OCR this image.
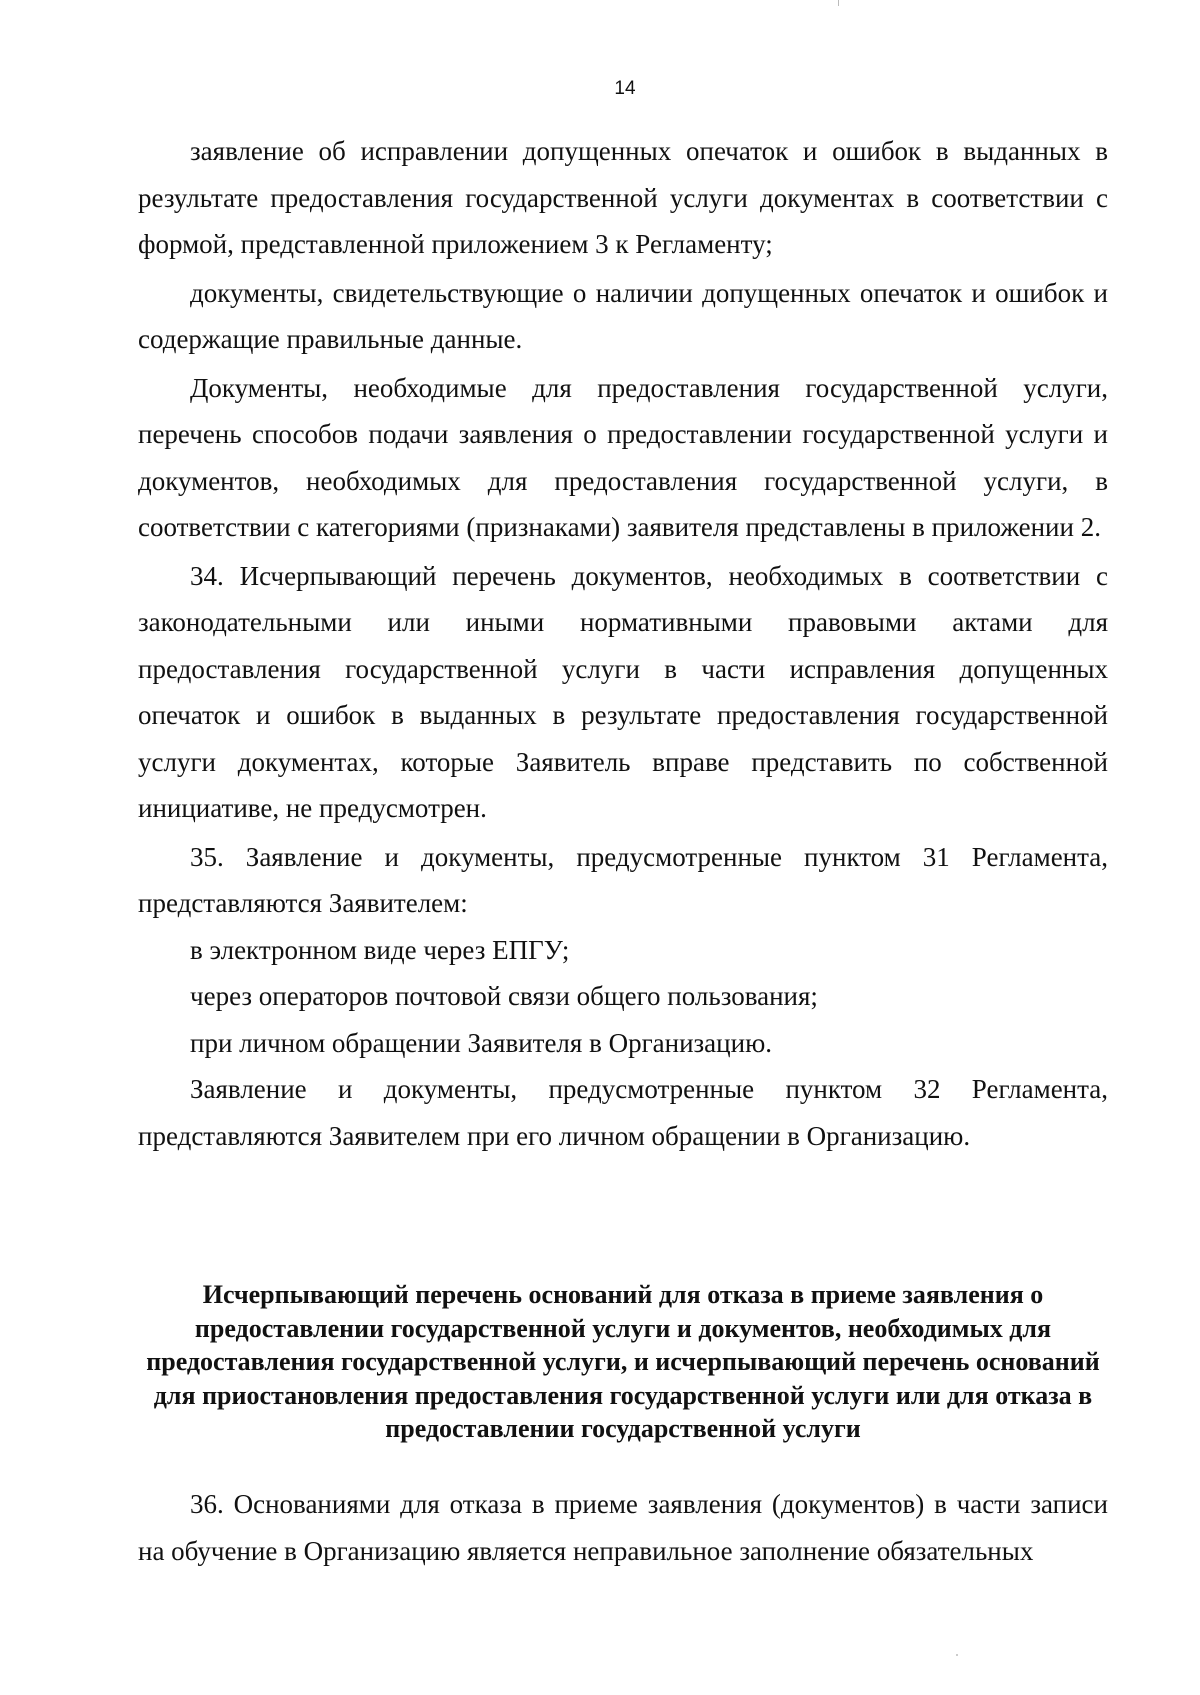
14

заявление об исправлении допущенных опечаток и ошибок в выданных в результате предоставления государственной услуги документах в соответствии с формой, представленной приложением 3 к Регламенту;

документы, свидетельствующие о наличии допущенных опечаток и ошибок и содержащие правильные данные.

Документы, необходимые для предоставления государственной услуги, перечень способов подачи заявления о предоставлении государственной услуги и документов, необходимых для предоставления государственной услуги, в соответствии с категориями (признаками) заявителя представлены в приложении 2.

34. Исчерпывающий перечень документов, необходимых в соответствии с законодательными или иными нормативными правовыми актами для предоставления государственной услуги в части исправления допущенных опечаток и ошибок в выданных в результате предоставления государственной услуги документах, которые Заявитель вправе представить по собственной инициативе, не предусмотрен.

35. Заявление и документы, предусмотренные пунктом 31 Регламента, представляются Заявителем:

в электронном виде через ЕПГУ;

через операторов почтовой связи общего пользования;

при личном обращении Заявителя в Организацию.

Заявление и документы, предусмотренные пунктом 32 Регламента, представляются Заявителем при его личном обращении в Организацию.

Исчерпывающий перечень оснований для отказа в приеме заявления о предоставлении государственной услуги и документов, необходимых для предоставления государственной услуги, и исчерпывающий перечень оснований для приостановления предоставления государственной услуги или для отказа в предоставлении государственной услуги

36. Основаниями для отказа в приеме заявления (документов) в части записи на обучение в Организацию является неправильное заполнение обязательных
